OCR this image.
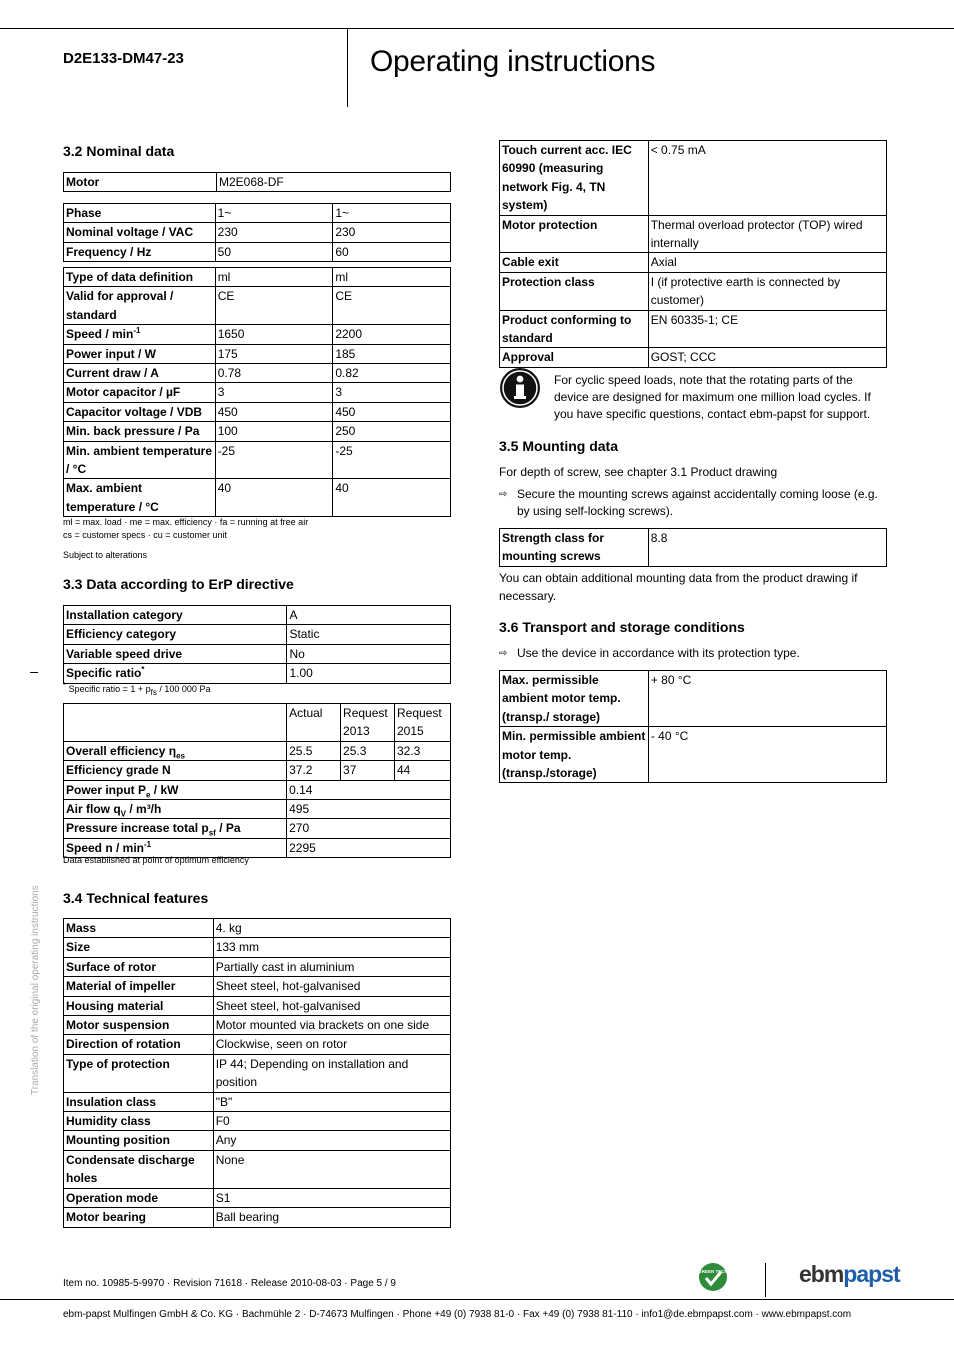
D2E133-DM47-23	Operating instructions
3.2 Nominal data
Motor	M2E068-DF
Phase	1~	1~
Nominal voltage / VAC	230	230
Frequency / Hz	50	60
Type of data definition	ml	ml
Valid for approval / standard	CE	CE
Speed / $\min^{-1}$	1650	2200
Power input / W	175	185
Current draw / A	0.78	0.82
Motor capacitor / µF	3	3
Capacitor voltage / VDB	450	450
Min. back pressure / Pa	100	250
Min. ambient temperature / °C	-25	-25
Max. ambient temperature / °C	40	40
ml = max. load · me = max. efficiency · fa = running at free air
cs = customer specs · cu = customer unit
Subject to alterations
3.3 Data according to ErP directive
Installation category	A
Efficiency category	Static
Variable speed drive	No
Specific ratio*	1.00
* Specific ratio = $1 + p_{fs} / 100$ 000 Pa
	Actual	Request 2013	Request 2015
Overall efficiency $\eta_{es}$	25.5	25.3	32.3
Efficiency grade N	37.2	37	44
Power input $P_e$ / kW	0.14		
Air flow $q_V / m^3/h$	495		
Pressure increase total $p_{sf}$ / Pa	270		
Speed n / $\min^{-1}$	2295		
Data established at point of optimum efficiency
3.4 Technical features
Mass	4. kg
Size	133 mm
Surface of rotor	Partially cast in aluminium
Material of impeller	Sheet steel, hot-galvanised
Housing material	Sheet steel, hot-galvanised
Motor suspension	Motor mounted via brackets on one side
Direction of rotation	Clockwise, seen on rotor
Type of protection	IP 44; Depending on installation and position
Insulation class	"B"
Humidity class	F0
Mounting position	Any
Condensate discharge holes	None
Operation mode	S1
Motor bearing	Ball bearing
Touch current acc. IEC 60990 (measuring network Fig. 4, TN system)	< 0.75 mA
Motor protection	Thermal overload protector (TOP) wired internally
Cable exit	Axial
Protection class	I (if protective earth is connected by customer)
Product conforming to standard	EN 60335-1; CE
Approval	GOST; CCC
For cyclic speed loads, note that the rotating parts of the device are designed for maximum one million load cycles. If you have specific questions, contact ebm-papst for support.
3.5 Mounting data
For depth of screw, see chapter 3.1 Product drawing
⇨ Secure the mounting screws against accidentally coming loose (e.g. by using self-locking screws).
Strength class for mounting screws	8.8
You can obtain additional mounting data from the product drawing if necessary.
3.6 Transport and storage conditions
⇨ Use the device in accordance with its protection type.
Max. permissible ambient motor temp. (transp./ storage)	+ 80 °C
Min. permissible ambient motor temp. (transp./storage)	- 40 °C
Translation of the original operating instructions
Item no. 10985-5-9970 · Revision 71618 · Release 2010-08-03 · Page 5 / 9
GREEN TECH	ebmpapst
ebm-papst Mulfingen GmbH & Co. KG · Bachmühle 2 · D-74673 Mulfingen · Phone +49 (0) 7938 81-0 · Fax +49 (0) 7938 81-110 · info1@de.ebmpapst.com · www.ebmpapst.com
